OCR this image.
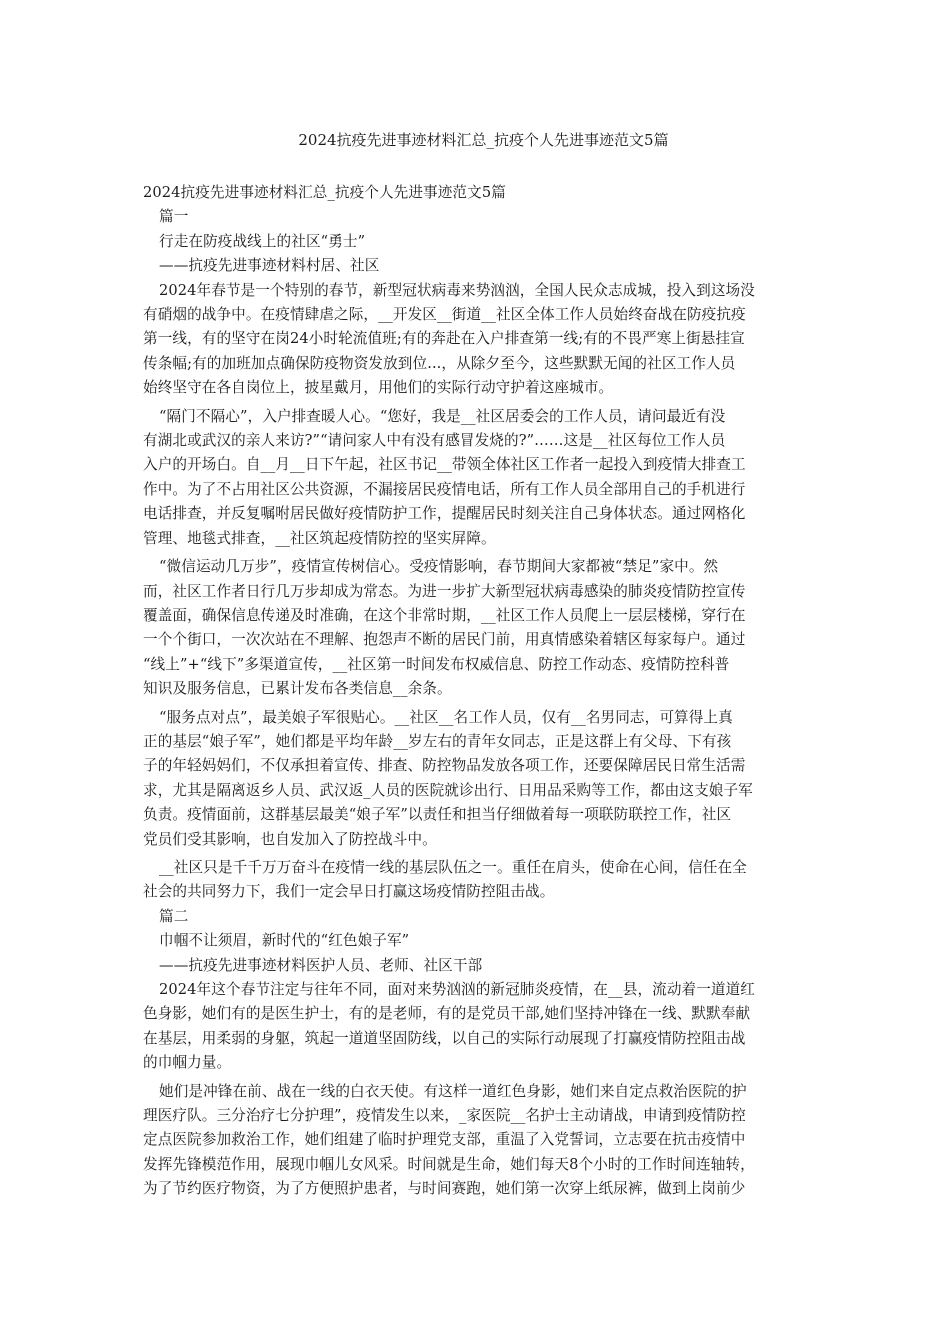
2024抗疫先进事迹材料汇总_抗疫个人先进事迹范文5篇

2024抗疫先进事迹材料汇总_抗疫个人先进事迹范文5篇

篇一

行走在防疫战线上的社区“勇士”

——抗疫先进事迹材料村居、社区

2024年春节是一个特别的春节，新型冠状病毒来势汹汹，全国人民众志成城，投入到这场没

有硝烟的战争中。在疫情肆虐之际，__开发区__街道__社区全体工作人员始终奋战在防疫抗疫

第一线，有的坚守在岗24小时轮流值班;有的奔赴在入户排查第一线;有的不畏严寒上街悬挂宣

传条幅;有的加班加点确保防疫物资发放到位...，从除夕至今，这些默默无闻的社区工作人员

始终坚守在各自岗位上，披星戴月，用他们的实际行动守护着这座城市。

“隔门不隔心”，入户排查暖人心。“您好，我是__社区居委会的工作人员，请问最近有没

有湖北或武汉的亲人来访?”“请问家人中有没有感冒发烧的?”……这是__社区每位工作人员

入户的开场白。自__月__日下午起，社区书记__带领全体社区工作者一起投入到疫情大排查工

作中。为了不占用社区公共资源，不漏接居民疫情电话，所有工作人员全部用自己的手机进行

电话排查，并反复嘱咐居民做好疫情防护工作，提醒居民时刻关注自己身体状态。通过网格化

管理、地毯式排查，__社区筑起疫情防控的坚实屏障。

“微信运动几万步”，疫情宣传树信心。受疫情影响，春节期间大家都被“禁足”家中。然

而，社区工作者日行几万步却成为常态。为进一步扩大新型冠状病毒感染的肺炎疫情防控宣传

覆盖面，确保信息传递及时准确，在这个非常时期，__社区工作人员爬上一层层楼梯，穿行在

一个个街口，一次次站在不理解、抱怨声不断的居民门前，用真情感染着辖区每家每户。通过

“线上”+“线下”多渠道宣传，__社区第一时间发布权威信息、防控工作动态、疫情防控科普

知识及服务信息，已累计发布各类信息__余条。

“服务点对点”，最美娘子军很贴心。__社区__名工作人员，仅有__名男同志，可算得上真

正的基层“娘子军”，她们都是平均年龄__岁左右的青年女同志，正是这群上有父母、下有孩

子的年轻妈妈们，不仅承担着宣传、排查、防控物品发放各项工作，还要保障居民日常生活需

求，尤其是隔离返乡人员、武汉返_人员的医院就诊出行、日用品采购等工作，都由这支娘子军

负责。疫情面前，这群基层最美“娘子军”以责任和担当仔细做着每一项联防联控工作，社区

党员们受其影响，也自发加入了防控战斗中。

__社区只是千千万万奋斗在疫情一线的基层队伍之一。重任在肩头，使命在心间，信任在全

社会的共同努力下，我们一定会早日打赢这场疫情防控阻击战。

篇二

巾帼不让须眉，新时代的“红色娘子军”

——抗疫先进事迹材料医护人员、老师、社区干部

2024年这个春节注定与往年不同，面对来势汹汹的新冠肺炎疫情，在__县，流动着一道道红

色身影，她们有的是医生护士，有的是老师，有的是党员干部,她们坚持冲锋在一线、默默奉献

在基层，用柔弱的身躯，筑起一道道坚固防线，以自己的实际行动展现了打赢疫情防控阻击战

的巾帼力量。

她们是冲锋在前、战在一线的白衣天使。有这样一道红色身影，她们来自定点救治医院的护

理医疗队。三分治疗七分护理”，疫情发生以来，_家医院__名护士主动请战，申请到疫情防控

定点医院参加救治工作，她们组建了临时护理党支部，重温了入党誓词，立志要在抗击疫情中

发挥先锋模范作用，展现巾帼儿女风采。时间就是生命，她们每天8个小时的工作时间连轴转，

为了节约医疗物资，为了方便照护患者，与时间赛跑，她们第一次穿上纸尿裤，做到上岗前少
